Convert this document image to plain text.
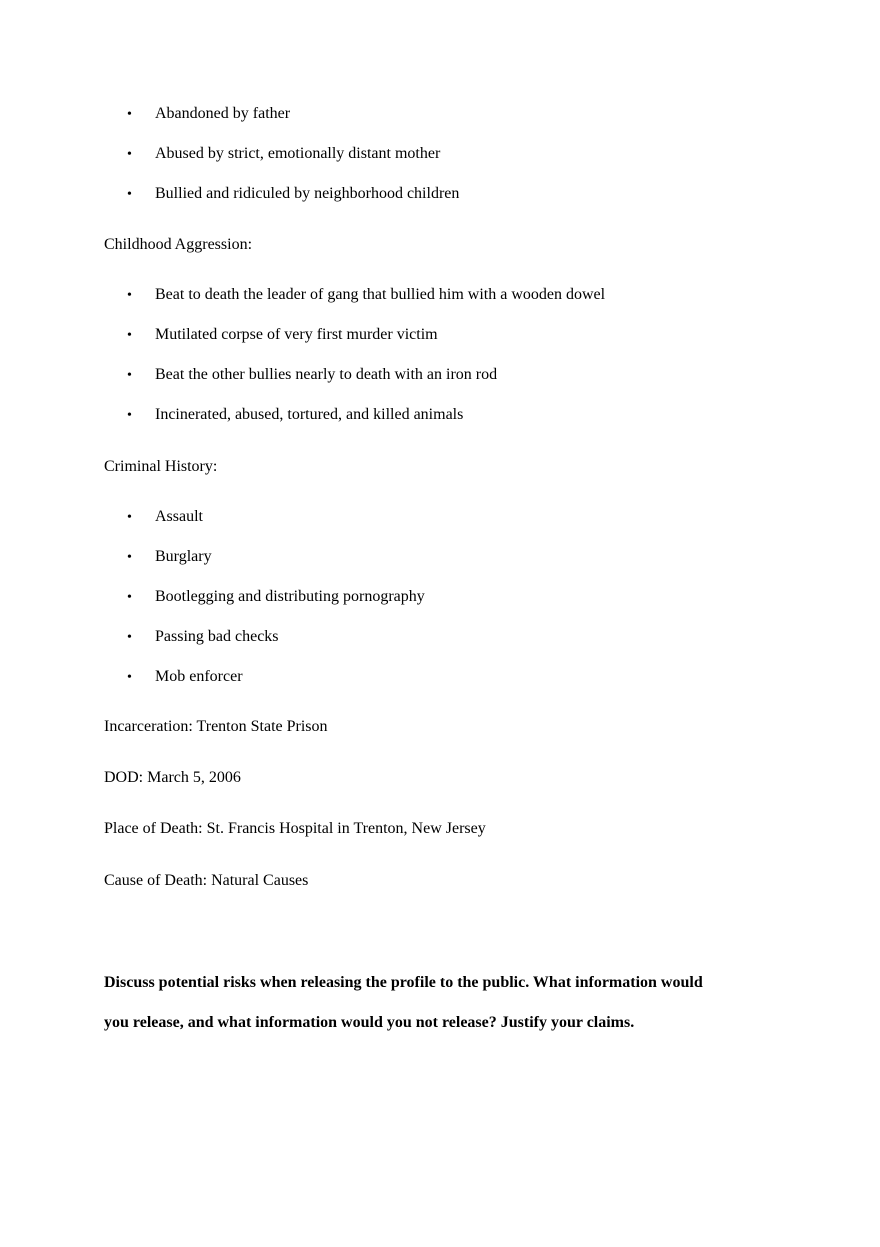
• Abandoned by father
• Abused by strict, emotionally distant mother
• Bullied and ridiculed by neighborhood children
Childhood Aggression:
• Beat to death the leader of gang that bullied him with a wooden dowel
• Mutilated corpse of very first murder victim
• Beat the other bullies nearly to death with an iron rod
• Incinerated, abused, tortured, and killed animals
Criminal History:
• Assault
• Burglary
• Bootlegging and distributing pornography
• Passing bad checks
• Mob enforcer
Incarceration: Trenton State Prison
DOD: March 5, 2006
Place of Death: St. Francis Hospital in Trenton, New Jersey
Cause of Death: Natural Causes

Discuss potential risks when releasing the profile to the public. What information would

you release, and what information would you not release? Justify your claims.
